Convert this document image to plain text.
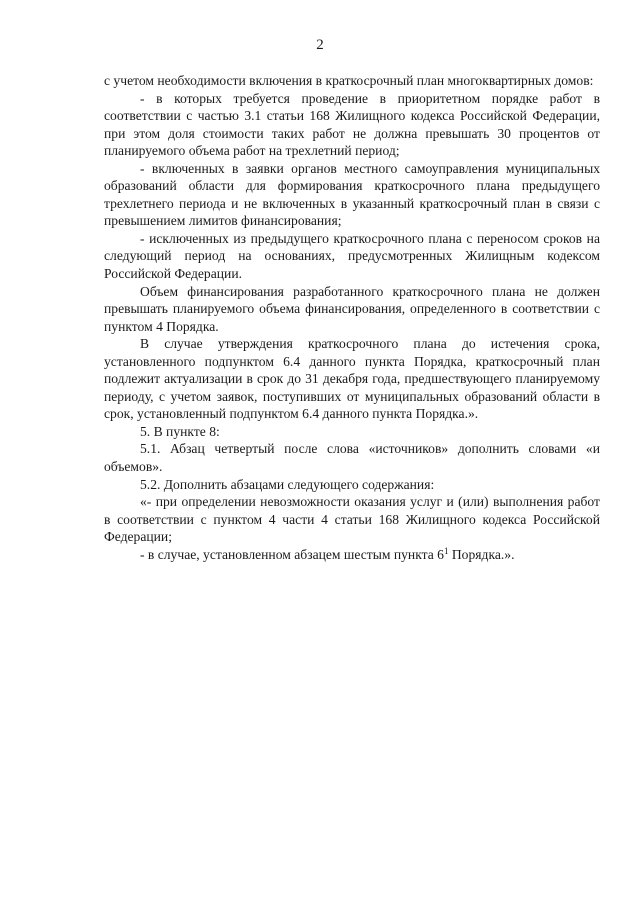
2

с учетом необходимости включения в краткосрочный план многоквартирных домов:

- в которых требуется проведение в приоритетном порядке работ в соответствии с частью 3.1 статьи 168 Жилищного кодекса Российской Федерации, при этом доля стоимости таких работ не должна превышать 30 процентов от планируемого объема работ на трехлетний период;

- включенных в заявки органов местного самоуправления муниципальных образований области для формирования краткосрочного плана предыдущего трехлетнего периода и не включенных в указанный краткосрочный план в связи с превышением лимитов финансирования;

- исключенных из предыдущего краткосрочного плана с переносом сроков на следующий период на основаниях, предусмотренных Жилищным кодексом Российской Федерации.

Объем финансирования разработанного краткосрочного плана не должен превышать планируемого объема финансирования, определенного в соответствии с пунктом 4 Порядка.

В случае утверждения краткосрочного плана до истечения срока, установленного подпунктом 6.4 данного пункта Порядка, краткосрочный план подлежит актуализации в срок до 31 декабря года, предшествующего планируемому периоду, с учетом заявок, поступивших от муниципальных образований области в срок, установленный подпунктом 6.4 данного пункта Порядка.».

5. В пункте 8:

5.1. Абзац четвертый после слова «источников» дополнить словами «и объемов».

5.2. Дополнить абзацами следующего содержания:

«- при определении невозможности оказания услуг и (или) выполнения работ в соответствии с пунктом 4 части 4 статьи 168 Жилищного кодекса Российской Федерации;

- в случае, установленном абзацем шестым пункта $6^1$ Порядка.».
